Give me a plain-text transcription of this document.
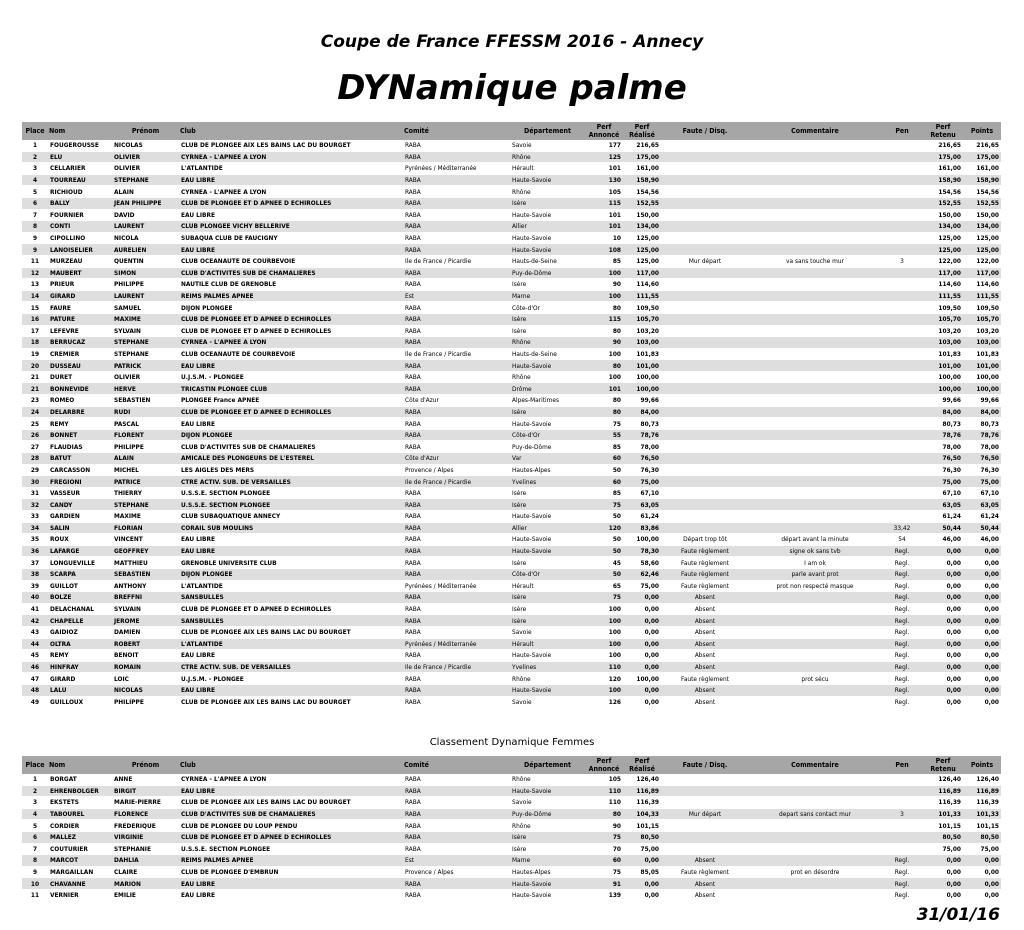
Coupe de France FFESSM 2016 - Annecy
DYNamique palme
Place	Nom	Prénom	Club	Comité	Département	Perf Annoncé	Perf Réalisé	Faute / Disq.	Commentaire	Pen	Perf Retenu	Points
1	FOUGEROUSSE	NICOLAS	CLUB DE PLONGEE AIX LES BAINS LAC DU BOURGET	RABA	Savoie	177	216,65				216,65	216,65
2	ELU	OLIVIER	CYRNEA - L'APNEE A LYON	RABA	Rhône	125	175,00				175,00	175,00
3	CELLARIER	OLIVIER	L'ATLANTIDE	Pyrénées / Méditerranée	Hérault	101	161,00				161,00	161,00
4	TOURREAU	STEPHANE	EAU LIBRE	RABA	Haute-Savoie	130	158,90				158,90	158,90
5	RICHIOUD	ALAIN	CYRNEA - L'APNEE A LYON	RABA	Rhône	105	154,56				154,56	154,56
6	BALLY	JEAN PHILIPPE	CLUB DE PLONGEE ET D APNEE D ECHIROLLES	RABA	Isère	115	152,55				152,55	152,55
7	FOURNIER	DAVID	EAU LIBRE	RABA	Haute-Savoie	101	150,00				150,00	150,00
8	CONTI	LAURENT	CLUB PLONGEE VICHY BELLERIVE	RABA	Allier	101	134,00				134,00	134,00
9	CIPOLLINO	NICOLA	SUBAQUA CLUB DE FAUCIGNY	RABA	Haute-Savoie	10	125,00				125,00	125,00
9	LANOISELIER	AURELIEN	EAU LIBRE	RABA	Haute-Savoie	108	125,00				125,00	125,00
11	MURZEAU	QUENTIN	CLUB OCEANAUTE DE COURBEVOIE	Ile de France / Picardie	Hauts-de-Seine	85	125,00	Mur départ	va sans touche mur	3	122,00	122,00
12	MAUBERT	SIMON	CLUB D'ACTIVITES SUB DE CHAMALIERES	RABA	Puy-de-Dôme	100	117,00				117,00	117,00
13	PRIEUR	PHILIPPE	NAUTILE CLUB DE GRENOBLE	RABA	Isère	90	114,60				114,60	114,60
14	GIRARD	LAURENT	REIMS PALMES APNEE	Est	Marne	100	111,55				111,55	111,55
15	FAURE	SAMUEL	DIJON PLONGEE	RABA	Côte-d'Or	80	109,50				109,50	109,50
16	PATURE	MAXIME	CLUB DE PLONGEE ET D APNEE D ECHIROLLES	RABA	Isère	115	105,70				105,70	105,70
17	LEFEVRE	SYLVAIN	CLUB DE PLONGEE ET D APNEE D ECHIROLLES	RABA	Isère	80	103,20				103,20	103,20
18	BERRUCAZ	STEPHANE	CYRNEA - L'APNEE A LYON	RABA	Rhône	90	103,00				103,00	103,00
19	CREMIER	STEPHANE	CLUB OCEANAUTE DE COURBEVOIE	Ile de France / Picardie	Hauts-de-Seine	100	101,83				101,83	101,83
20	DUSSEAU	PATRICK	EAU LIBRE	RABA	Haute-Savoie	80	101,00				101,00	101,00
21	DURET	OLIVIER	U.J.S.M. - PLONGEE	RABA	Rhône	100	100,00				100,00	100,00
21	BONNEVIDE	HERVE	TRICASTIN PLONGEE CLUB	RABA	Drôme	101	100,00				100,00	100,00
23	ROMEO	SEBASTIEN	PLONGEE France APNEE	Côte d'Azur	Alpes-Maritimes	80	99,66				99,66	99,66
24	DELARBRE	RUDI	CLUB DE PLONGEE ET D APNEE D ECHIROLLES	RABA	Isère	80	84,00				84,00	84,00
25	REMY	PASCAL	EAU LIBRE	RABA	Haute-Savoie	75	80,73				80,73	80,73
26	BONNET	FLORENT	DIJON PLONGEE	RABA	Côte-d'Or	55	78,76				78,76	78,76
27	FLAUDIAS	PHILIPPE	CLUB D'ACTIVITES SUB DE CHAMALIERES	RABA	Puy-de-Dôme	85	78,00				78,00	78,00
28	BATUT	ALAIN	AMICALE DES PLONGEURS DE L'ESTEREL	Côte d'Azur	Var	60	76,50				76,50	76,50
29	CARCASSON	MICHEL	LES AIGLES DES MERS	Provence / Alpes	Hautes-Alpes	50	76,30				76,30	76,30
30	FREGIONI	PATRICE	CTRE ACTIV. SUB. DE VERSAILLES	Ile de France / Picardie	Yvelines	60	75,00				75,00	75,00
31	VASSEUR	THIERRY	U.S.S.E. SECTION PLONGEE	RABA	Isère	85	67,10				67,10	67,10
32	CANDY	STEPHANE	U.S.S.E. SECTION PLONGEE	RABA	Isère	75	63,05				63,05	63,05
33	GARDIEN	MAXIME	CLUB SUBAQUATIQUE ANNECY	RABA	Haute-Savoie	50	61,24				61,24	61,24
34	SALIN	FLORIAN	CORAIL SUB MOULINS	RABA	Allier	120	83,86			33,42	50,44	50,44
35	ROUX	VINCENT	EAU LIBRE	RABA	Haute-Savoie	50	100,00	Départ trop tôt	départ avant la minute	54	46,00	46,00
36	LAFARGE	GEOFFREY	EAU LIBRE	RABA	Haute-Savoie	50	78,30	Faute règlement	signe ok sans tvb	Regl.	0,00	0,00
37	LONGUEVILLE	MATTHIEU	GRENOBLE UNIVERSITE CLUB	RABA	Isère	45	58,60	Faute règlement	I am ok	Regl.	0,00	0,00
38	SCARPA	SEBASTIEN	DIJON PLONGEE	RABA	Côte-d'Or	50	62,46	Faute règlement	parle avant prot	Regl.	0,00	0,00
39	GUILLOT	ANTHONY	L'ATLANTIDE	Pyrénées / Méditerranée	Hérault	65	75,00	Faute règlement	prot non respecté masque	Regl.	0,00	0,00
40	BOLZE	BREFFNI	SANSBULLES	RABA	Isère	75	0,00	Absent		Regl.	0,00	0,00
41	DELACHANAL	SYLVAIN	CLUB DE PLONGEE ET D APNEE D ECHIROLLES	RABA	Isère	100	0,00	Absent		Regl.	0,00	0,00
42	CHAPELLE	JEROME	SANSBULLES	RABA	Isère	100	0,00	Absent		Regl.	0,00	0,00
43	GAIDIOZ	DAMIEN	CLUB DE PLONGEE AIX LES BAINS LAC DU BOURGET	RABA	Savoie	100	0,00	Absent		Regl.	0,00	0,00
44	OLTRA	ROBERT	L'ATLANTIDE	Pyrénées / Méditerranée	Hérault	100	0,00	Absent		Regl.	0,00	0,00
45	REMY	BENOIT	EAU LIBRE	RABA	Haute-Savoie	100	0,00	Absent		Regl.	0,00	0,00
46	HINFRAY	ROMAIN	CTRE ACTIV. SUB. DE VERSAILLES	Ile de France / Picardie	Yvelines	110	0,00	Absent		Regl.	0,00	0,00
47	GIRARD	LOIC	U.J.S.M. - PLONGEE	RABA	Rhône	120	100,00	Faute règlement	prot sécu	Regl.	0,00	0,00
48	LALU	NICOLAS	EAU LIBRE	RABA	Haute-Savoie	100	0,00	Absent		Regl.	0,00	0,00
49	GUILLOUX	PHILIPPE	CLUB DE PLONGEE AIX LES BAINS LAC DU BOURGET	RABA	Savoie	126	0,00	Absent		Regl.	0,00	0,00
Classement Dynamique Femmes
Place	Nom	Prénom	Club	Comité	Département	Perf Annoncé	Perf Réalisé	Faute / Disq.	Commentaire	Pen	Perf Retenu	Points
1	BORGAT	ANNE	CYRNEA - L'APNEE A LYON	RABA	Rhône	105	126,40				126,40	126,40
2	EHRENBOLGER	BIRGIT	EAU LIBRE	RABA	Haute-Savoie	110	116,89				116,89	116,89
3	EKSTETS	MARIE-PIERRE	CLUB DE PLONGEE AIX LES BAINS LAC DU BOURGET	RABA	Savoie	110	116,39				116,39	116,39
4	TABOUREL	FLORENCE	CLUB D'ACTIVITES SUB DE CHAMALIERES	RABA	Puy-de-Dôme	80	104,33	Mur départ	depart sans contact mur	3	101,33	101,33
5	CORDIER	FREDERIQUE	CLUB DE PLONGEE DU LOUP PENDU	RABA	Rhône	90	101,15				101,15	101,15
6	MALLEZ	VIRGINIE	CLUB DE PLONGEE ET D APNEE D ECHIROLLES	RABA	Isère	75	80,50				80,50	80,50
7	COUTURIER	STEPHANIE	U.S.S.E. SECTION PLONGEE	RABA	Isère	70	75,00				75,00	75,00
8	MARCOT	DAHLIA	REIMS PALMES APNEE	Est	Marne	60	0,00	Absent		Regl.	0,00	0,00
9	MARGAILLAN	CLAIRE	CLUB DE PLONGEE D'EMBRUN	Provence / Alpes	Hautes-Alpes	75	85,05	Faute règlement	prot en désordre	Regl.	0,00	0,00
10	CHAVANNE	MARION	EAU LIBRE	RABA	Haute-Savoie	91	0,00	Absent		Regl.	0,00	0,00
11	VERNIER	EMILIE	EAU LIBRE	RABA	Haute-Savoie	139	0,00	Absent		Regl.	0,00	0,00
31/01/16
